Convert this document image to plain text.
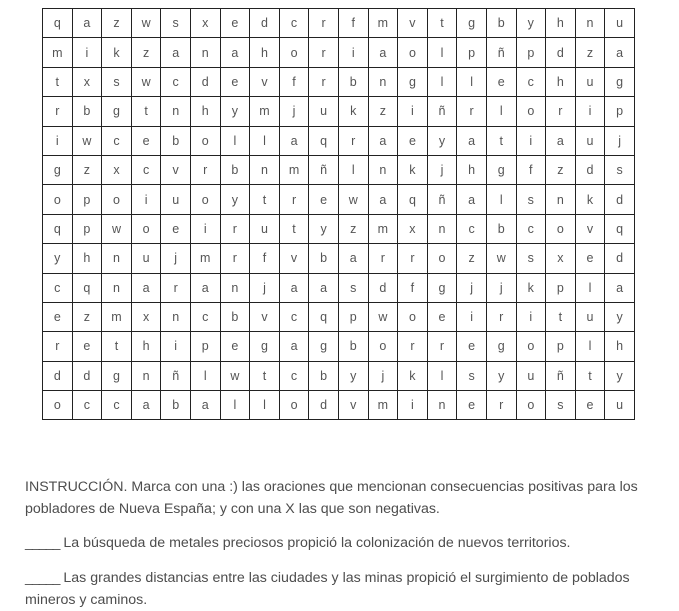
q	a	z	w	s	x	e	d	c	r	f	m	v	t	g	b	y	h	n	u
m	i	k	z	a	n	a	h	o	r	i	a	o	l	p	ñ	p	d	z	a
t	x	s	w	c	d	e	v	f	r	b	n	g	l	l	e	c	h	u	g
r	b	g	t	n	h	y	m	j	u	k	z	i	ñ	r	l	o	r	i	p
i	w	c	e	b	o	l	l	a	q	r	a	e	y	a	t	i	a	u	j
g	z	x	c	v	r	b	n	m	ñ	l	n	k	j	h	g	f	z	d	s
o	p	o	i	u	o	y	t	r	e	w	a	q	ñ	a	l	s	n	k	d
q	p	w	o	e	i	r	u	t	y	z	m	x	n	c	b	c	o	v	q
y	h	n	u	j	m	r	f	v	b	a	r	r	o	z	w	s	x	e	d
c	q	n	a	r	a	n	j	a	a	s	d	f	g	j	j	k	p	l	a
e	z	m	x	n	c	b	v	c	q	p	w	o	e	i	r	i	t	u	y
r	e	t	h	i	p	e	g	a	g	b	o	r	r	e	g	o	p	l	h
d	d	g	n	ñ	l	w	t	c	b	y	j	k	l	s	y	u	ñ	t	y
o	c	c	a	b	a	l	l	o	d	v	m	i	n	e	r	o	s	e	u
INSTRUCCIÓN. Marca con una :) las oraciones que mencionan consecuencias positivas para los pobladores de Nueva España; y con una X las que son negativas.
_____ La búsqueda de metales preciosos propició la colonización de nuevos territorios.
_____ Las grandes distancias entre las ciudades y las minas propició el surgimiento de poblados mineros y caminos.
